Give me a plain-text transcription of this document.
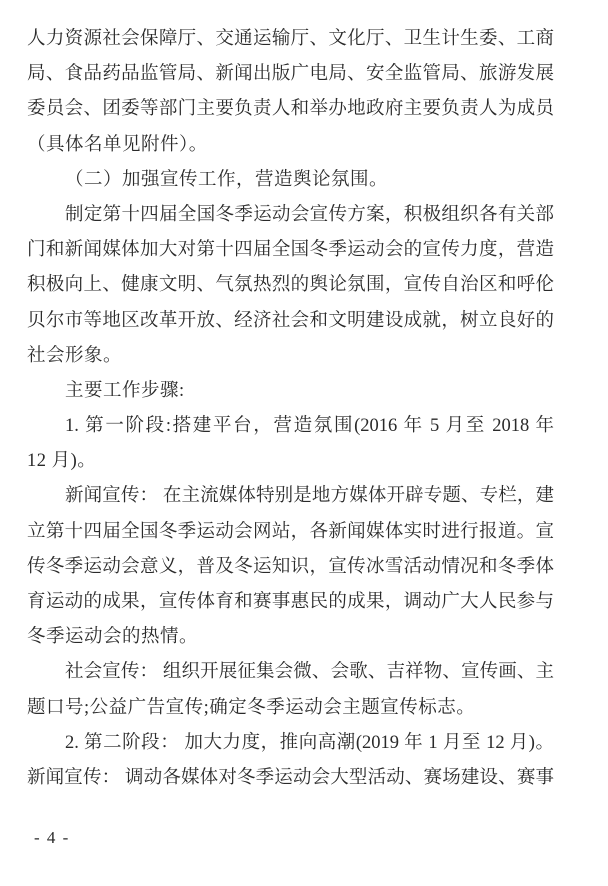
人力资源社会保障厅、交通运输厅、文化厅、卫生计生委、工商
局、食品药品监管局、新闻出版广电局、安全监管局、旅游发展
委员会、团委等部门主要负责人和举办地政府主要负责人为成员
（具体名单见附件）。
（二）加强宣传工作，营造舆论氛围。
制定第十四届全国冬季运动会宣传方案，积极组织各有关部
门和新闻媒体加大对第十四届全国冬季运动会的宣传力度，营造
积极向上、健康文明、气氛热烈的舆论氛围，宣传自治区和呼伦
贝尔市等地区改革开放、经济社会和文明建设成就，树立良好的
社会形象。
主要工作步骤:
1. 第一阶段:搭建平台，营造氛围(2016 年 5 月至 2018 年
12 月)。
新闻宣传： 在主流媒体特别是地方媒体开辟专题、专栏，建
立第十四届全国冬季运动会网站，各新闻媒体实时进行报道。宣
传冬季运动会意义，普及冬运知识，宣传冰雪活动情况和冬季体
育运动的成果，宣传体育和赛事惠民的成果，调动广大人民参与
冬季运动会的热情。
社会宣传： 组织开展征集会微、会歌、吉祥物、宣传画、主
题口号;公益广告宣传;确定冬季运动会主题宣传标志。
2. 第二阶段： 加大力度，推向高潮(2019 年 1 月至 12 月)。
新闻宣传： 调动各媒体对冬季运动会大型活动、赛场建设、赛事
- 4 -
